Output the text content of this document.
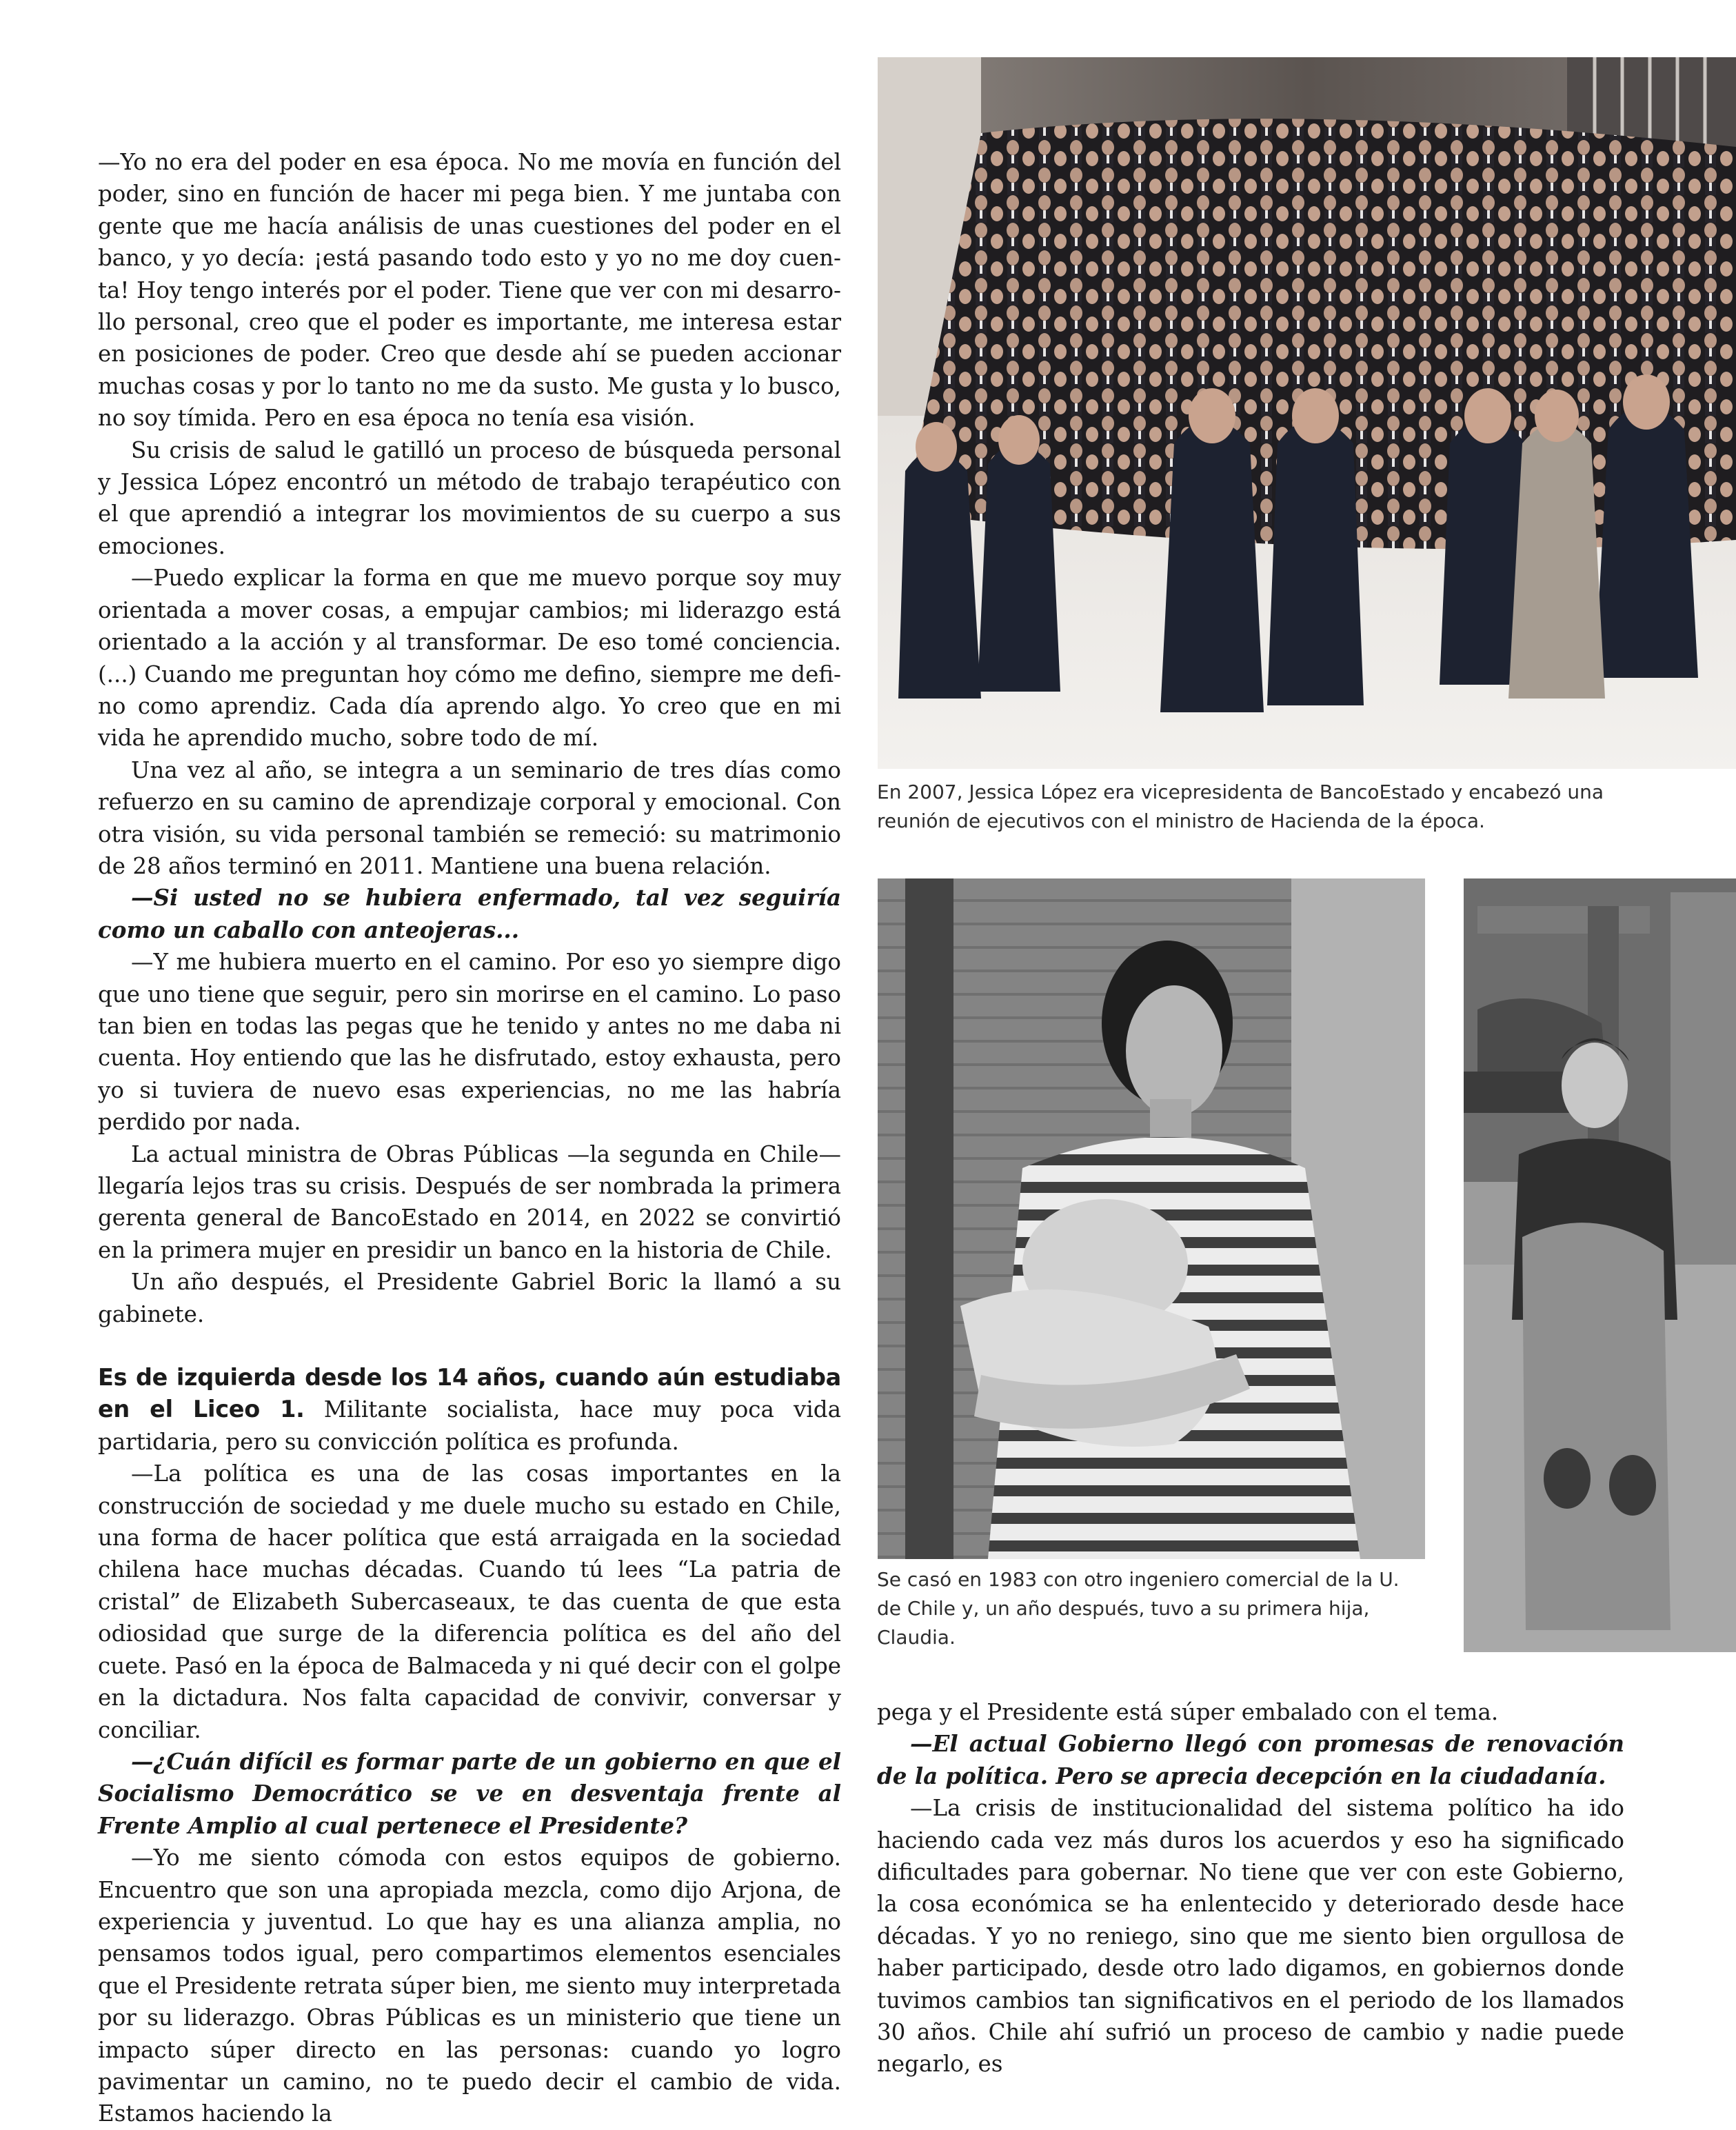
—Yo no era del poder en esa época. No me movía en función del poder, sino en función de hacer mi pega bien. Y me juntaba con gente que me hacía análisis de unas cuestiones del poder en el banco, y yo decía: ¡está pasando todo esto y yo no me doy cuenta! Hoy tengo interés por el poder. Tiene que ver con mi desarrollo personal, creo que el poder es importante, me interesa estar en posiciones de poder. Creo que desde ahí se pueden accionar muchas cosas y por lo tanto no me da susto. Me gusta y lo busco, no soy tímida. Pero en esa época no tenía esa visión.

Su crisis de salud le gatilló un proceso de búsqueda personal y Jessica López encontró un método de trabajo terapéutico con el que aprendió a integrar los movimientos de su cuerpo a sus emociones.

—Puedo explicar la forma en que me muevo porque soy muy orientada a mover cosas, a empujar cambios; mi liderazgo está orientado a la acción y al transformar. De eso tomé conciencia. (...) Cuando me preguntan hoy cómo me defino, siempre me defino como aprendiz. Cada día aprendo algo. Yo creo que en mi vida he aprendido mucho, sobre todo de mí.

Una vez al año, se integra a un seminario de tres días como refuerzo en su camino de aprendizaje corporal y emocional. Con otra visión, su vida personal también se remeció: su matrimonio de 28 años terminó en 2011. Mantiene una buena relación.

—Si usted no se hubiera enfermado, tal vez seguiría como un caballo con anteojeras...

—Y me hubiera muerto en el camino. Por eso yo siempre digo que uno tiene que seguir, pero sin morirse en el camino. Lo paso tan bien en todas las pegas que he tenido y antes no me daba ni cuenta. Hoy entiendo que las he disfrutado, estoy exhausta, pero yo si tuviera de nuevo esas experiencias, no me las habría perdido por nada.

La actual ministra de Obras Públicas —la segunda en Chile— llegaría lejos tras su crisis. Después de ser nombrada la primera gerenta general de BancoEstado en 2014, en 2022 se convirtió en la primera mujer en presidir un banco en la historia de Chile.

Un año después, el Presidente Gabriel Boric la llamó a su gabinete.

Es de izquierda desde los 14 años, cuando aún estudiaba en el Liceo 1. Militante socialista, hace muy poca vida partidaria, pero su convicción política es profunda.

—La política es una de las cosas importantes en la construcción de sociedad y me duele mucho su estado en Chile, una forma de hacer política que está arraigada en la sociedad chilena hace muchas décadas. Cuando tú lees “La patria de cristal” de Elizabeth Subercaseaux, te das cuenta de que esta odiosidad que surge de la diferencia política es del año del cuete. Pasó en la época de Balmaceda y ni qué decir con el golpe en la dictadura. Nos falta capacidad de convivir, conversar y conciliar.

—¿Cuán difícil es formar parte de un gobierno en que el Socialismo Democrático se ve en desventaja frente al Frente Amplio al cual pertenece el Presidente?

—Yo me siento cómoda con estos equipos de gobierno. Encuentro que son una apropiada mezcla, como dijo Arjona, de experiencia y juventud. Lo que hay es una alianza amplia, no pensamos todos igual, pero compartimos elementos esenciales que el Presidente retrata súper bien, me siento muy interpretada por su liderazgo. Obras Públicas es un ministerio que tiene un impacto súper directo en las personas: cuando yo logro pavimentar un camino, no te puedo decir el cambio de vida. Estamos haciendo la

En 2007, Jessica López era vicepresidenta de BancoEstado y encabezó una reunión de ejecutivos con el ministro de Hacienda de la época.
Se casó en 1983 con otro ingeniero comercial de la U. de Chile y, un año después, tuvo a su primera hija, Claudia.

pega y el Presidente está súper embalado con el tema.

—El actual Gobierno llegó con promesas de renovación de la política. Pero se aprecia decepción en la ciudadanía.

—La crisis de institucionalidad del sistema político ha ido haciendo cada vez más duros los acuerdos y eso ha significado dificultades para gobernar. No tiene que ver con este Gobierno, la cosa económica se ha enlentecido y deteriorado desde hace décadas. Y yo no reniego, sino que me siento bien orgullosa de haber participado, desde otro lado digamos, en gobiernos donde tuvimos cambios tan significativos en el periodo de los llamados 30 años. Chile ahí sufrió un proceso de cambio y nadie puede negarlo, es
